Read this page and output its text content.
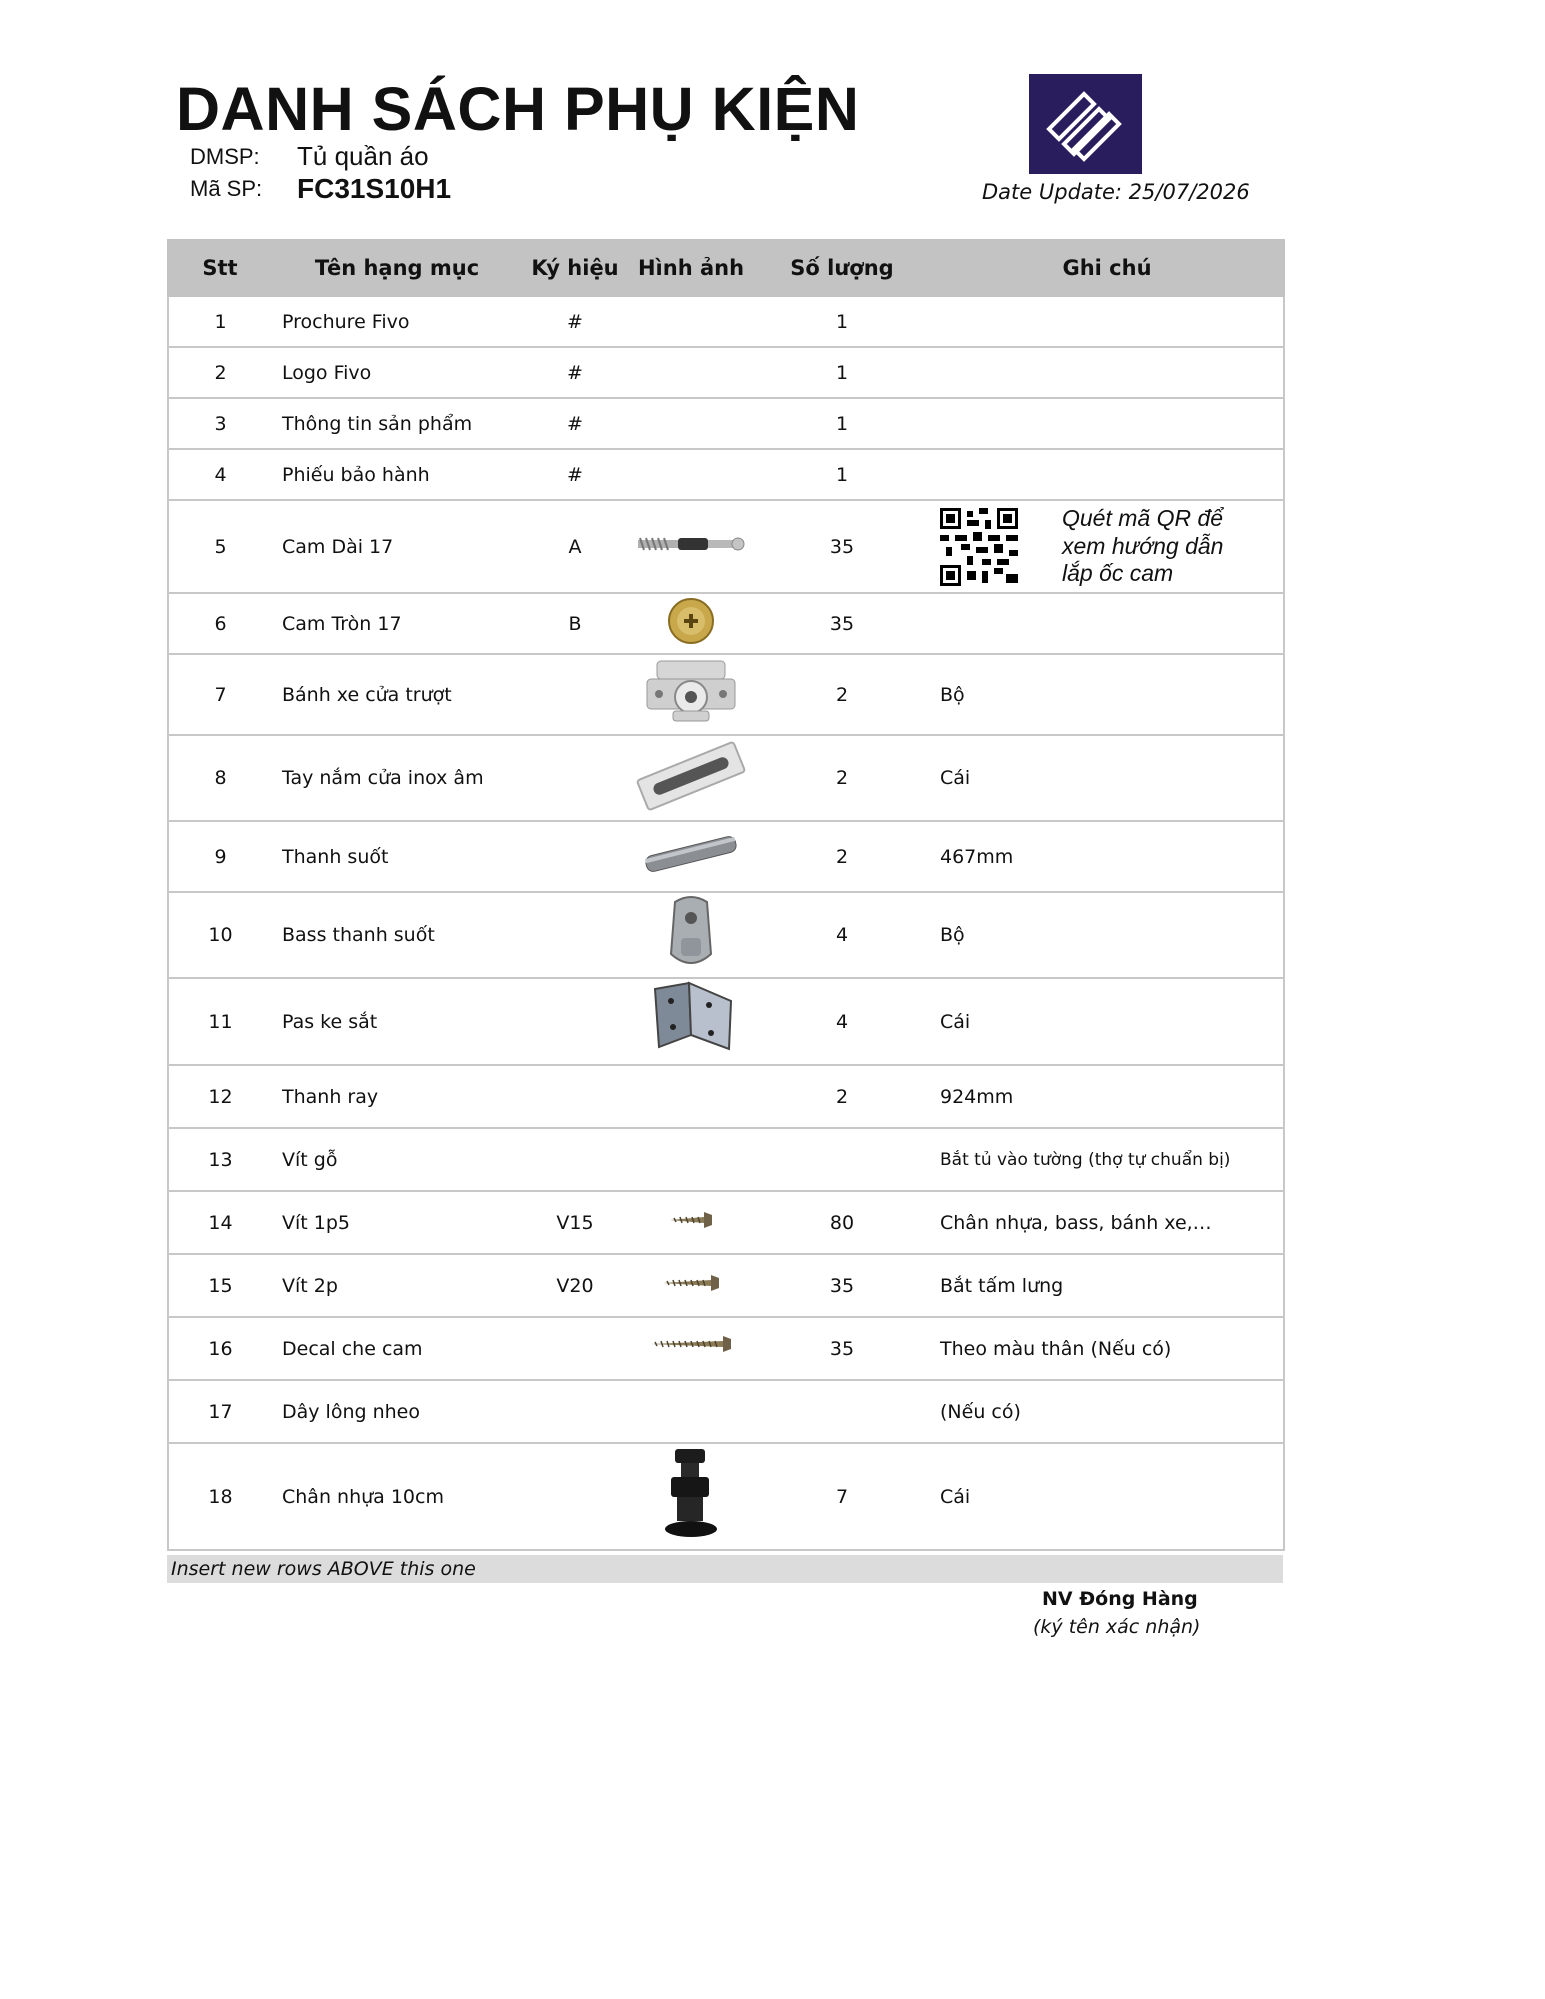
DANH SÁCH PHỤ KIỆN
DMSP: Tủ quần áo
Mã SP: FC31S10H1	Date Update: 25/07/2026
Stt	Tên hạng mục	Ký hiệu	Hình ảnh	Số lượng	Ghi chú
1	Prochure Fivo	#		1	
2	Logo Fivo	#		1	
3	Thông tin sản phẩm	#		1	
4	Phiếu bảo hành	#		1	
5	Cam Dài 17	A		35	Quét mã QR để xem hướng dẫn lắp ốc cam

6	Cam Tròn 17	B		35	
7	Bánh xe cửa trượt			2	Bộ
8	Tay nắm cửa inox âm			2	Cái
9	Thanh suốt			2	467mm
10	Bass thanh suốt			4	Bộ
11	Pas ke sắt			4	Cái
12	Thanh ray			2	924mm
13	Vít gỗ				Bắt tủ vào tường (thợ tự chuẩn bị)
14	Vít 1p5	V15		80	Chân nhựa, bass, bánh xe,…
15	Vít 2p	V20		35	Bắt tấm lưng
16	Decal che cam			35	Theo màu thân (Nếu có)
17	Dây lông nheo				(Nếu có)
18	Chân nhựa 10cm			7	Cái
Insert new rows ABOVE this one
NV Đóng Hàng
(ký tên xác nhận)
